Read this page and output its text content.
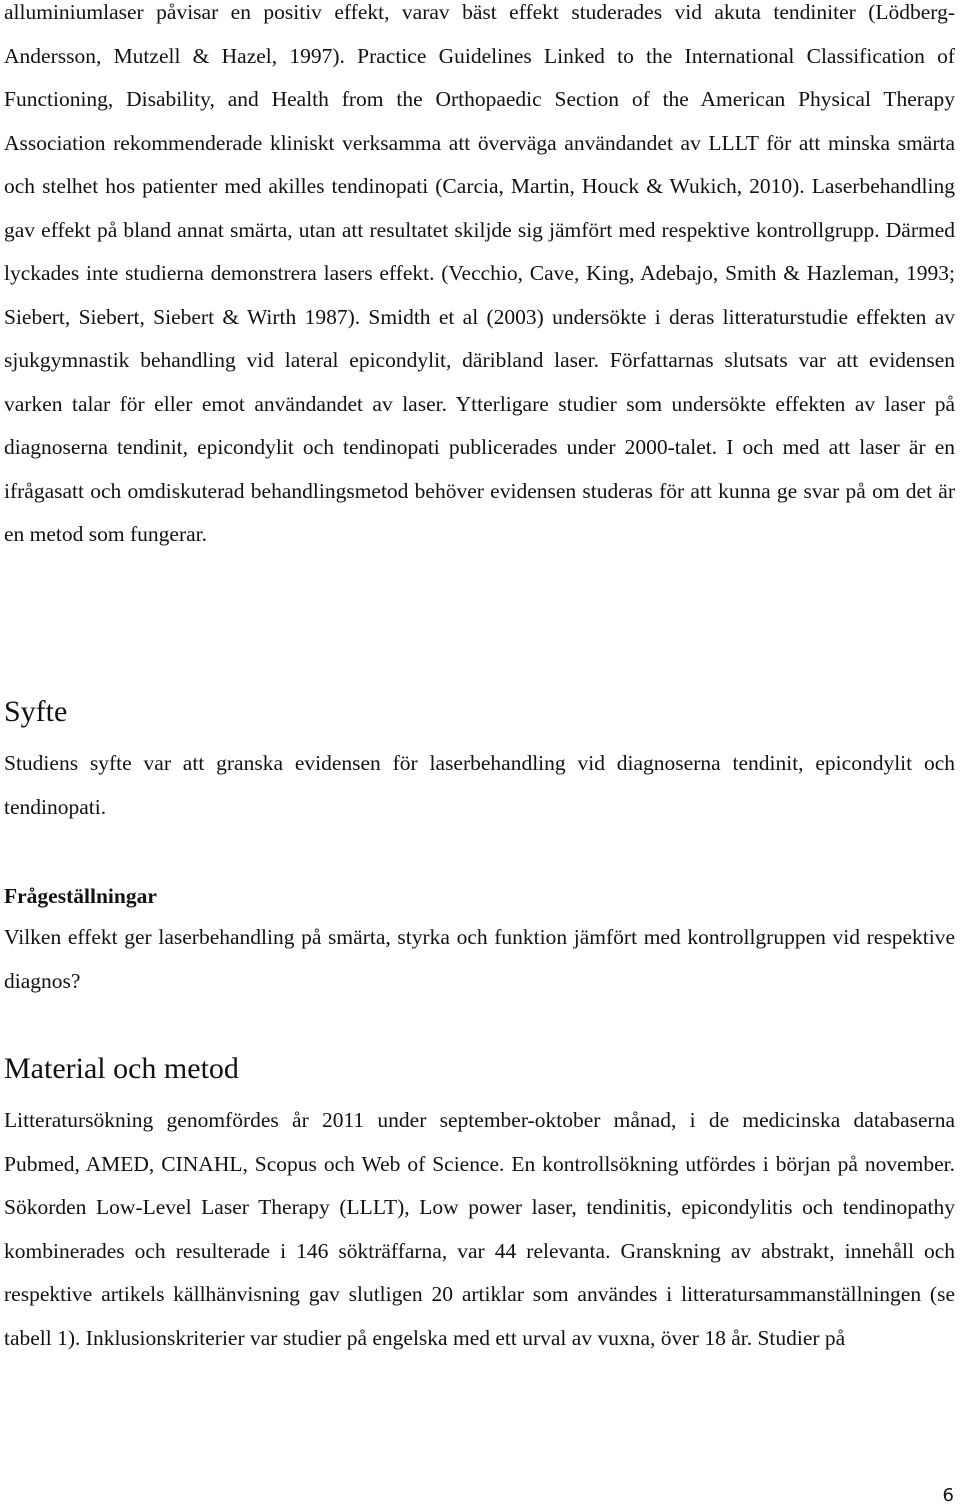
alluminiumlaser påvisar en positiv effekt, varav bäst effekt studerades vid akuta tendiniter (Lödberg-Andersson, Mutzell & Hazel, 1997). Practice Guidelines Linked to the International Classification of Functioning, Disability, and Health from the Orthopaedic Section of the American Physical Therapy Association rekommenderade kliniskt verksamma att överväga användandet av LLLT för att minska smärta och stelhet hos patienter med akilles tendinopati (Carcia, Martin, Houck & Wukich, 2010). Laserbehandling gav effekt på bland annat smärta, utan att resultatet skiljde sig jämfört med respektive kontrollgrupp. Därmed lyckades inte studierna demonstrera lasers effekt. (Vecchio, Cave, King, Adebajo, Smith & Hazleman, 1993; Siebert, Siebert, Siebert & Wirth 1987). Smidth et al (2003) undersökte i deras litteraturstudie effekten av sjukgymnastik behandling vid lateral epicondylit, däribland laser. Författarnas slutsats var att evidensen varken talar för eller emot användandet av laser. Ytterligare studier som undersökte effekten av laser på diagnoserna tendinit, epicondylit och tendinopati publicerades under 2000-talet. I och med att laser är en ifrågasatt och omdiskuterad behandlingsmetod behöver evidensen studeras för att kunna ge svar på om det är en metod som fungerar.

Syfte

Studiens syfte var att granska evidensen för laserbehandling vid diagnoserna tendinit, epicondylit och tendinopati.

Frågeställningar

Vilken effekt ger laserbehandling på smärta, styrka och funktion jämfört med kontrollgruppen vid respektive diagnos?

Material och metod

Litteratursökning genomfördes år 2011 under september-oktober månad, i de medicinska databaserna Pubmed, AMED, CINAHL, Scopus och Web of Science. En kontrollsökning utfördes i början på november. Sökorden Low-Level Laser Therapy (LLLT), Low power laser, tendinitis, epicondylitis och tendinopathy kombinerades och resulterade i 146 sökträffarna, var 44 relevanta. Granskning av abstrakt, innehåll och respektive artikels källhänvisning gav slutligen 20 artiklar som användes i litteratursammanställningen (se tabell 1). Inklusionskriterier var studier på engelska med ett urval av vuxna, över 18 år. Studier på

6
